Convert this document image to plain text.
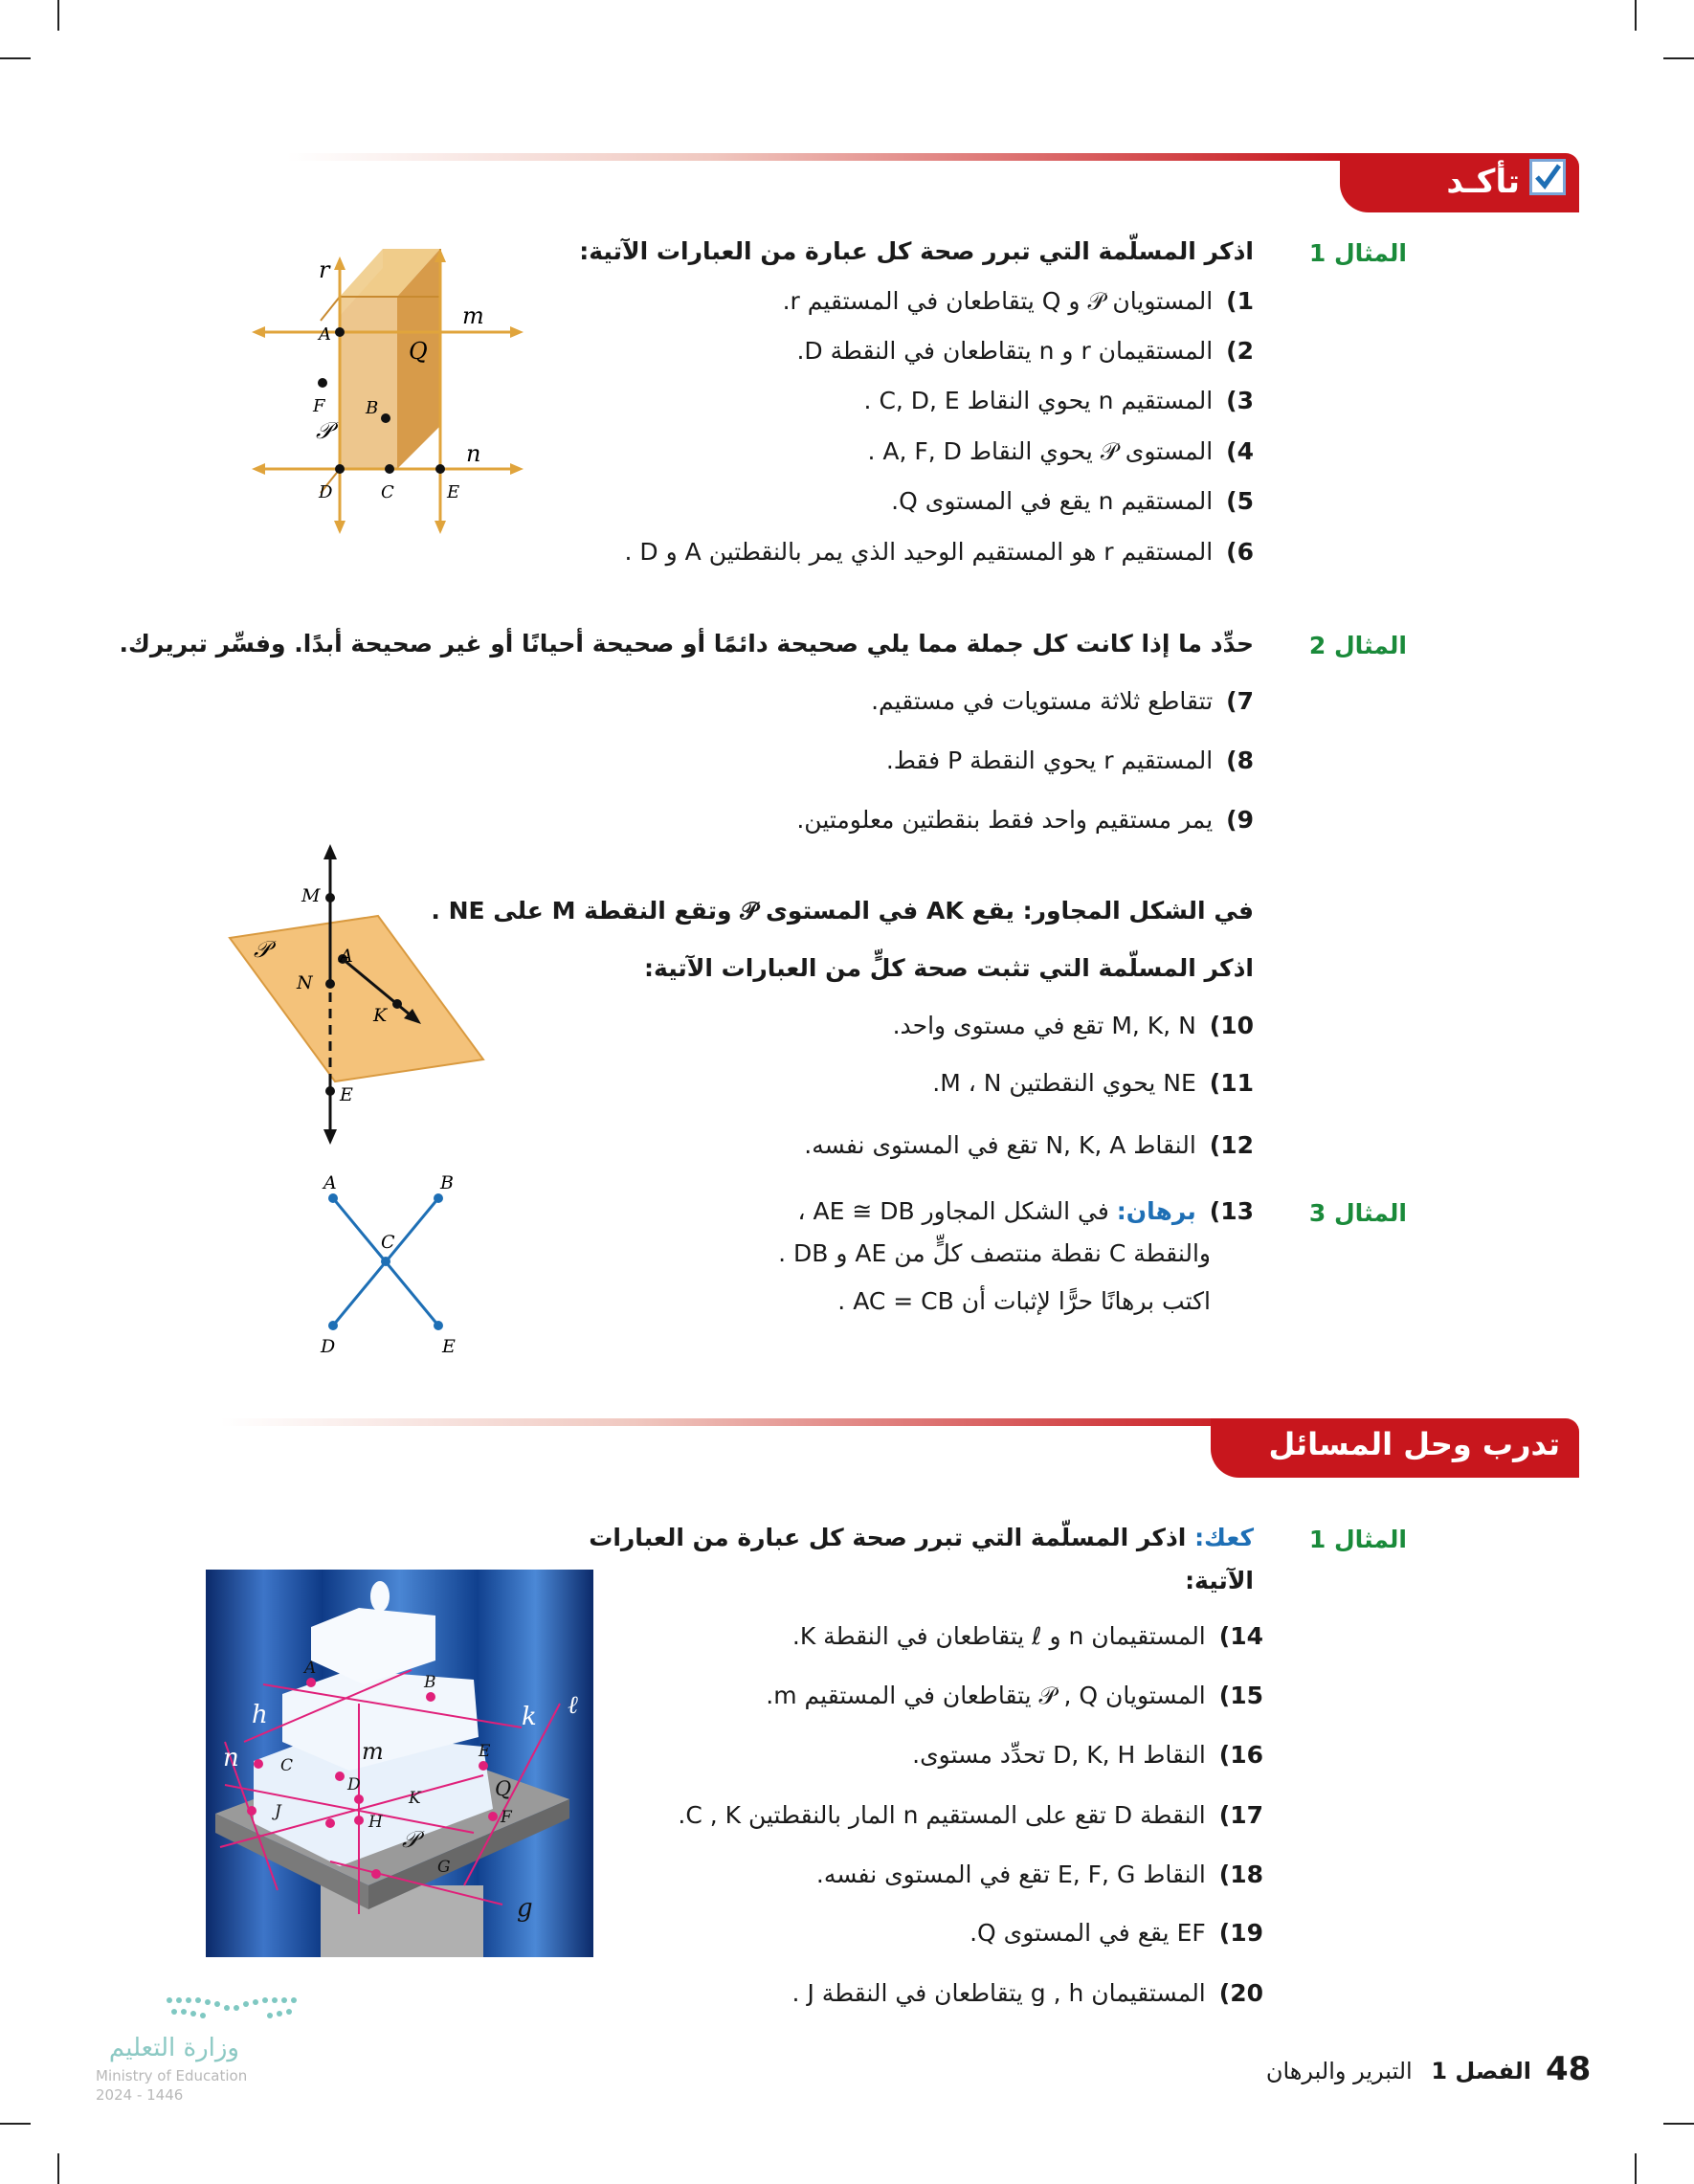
تأكـد
المثال 1
اذكر المسلّمة التي تبرر صحة كل عبارة من العبارات الآتية:
1)المستويان 𝒫 و Q يتقاطعان في المستقيم r.
2)المستقيمان r و n يتقاطعان في النقطة D.
3)المستقيم n يحوي النقاط C, D, E .
4)المستوى 𝒫 يحوي النقاط A, F, D .
5)المستقيم n يقع في المستوى Q.
6)المستقيم r هو المستقيم الوحيد الذي يمر بالنقطتين A و D .
r
m
A
Q
F B
𝒫
n
D	C	E
المثال 2
حدِّد ما إذا كانت كل جملة مما يلي صحيحة دائمًا أو صحيحة أحيانًا أو غير صحيحة أبدًا. وفسِّر تبريرك.
7)تتقاطع ثلاثة مستويات في مستقيم.
8)المستقيم r يحوي النقطة P فقط.
9)يمر مستقيم واحد فقط بنقطتين معلومتين.
في الشكل المجاور: يقع AK في المستوى 𝒫 وتقع النقطة M على NE .
اذكر المسلّمة التي تثبت صحة كلٍّ من العبارات الآتية:
10)M, K, N تقع في مستوى واحد.
11)NE يحوي النقطتين M ، N.
12)النقاط N, K, A تقع في المستوى نفسه.
M
𝒫	A
N
K
E
المثال 3
13)برهان: في الشكل المجاور AE ≅ DB ،
والنقطة C نقطة منتصف كلٍّ من AE و DB .
اكتب برهانًا حرًّا لإثبات أن AC = CB .
A	B
C
D	E
تدرب وحل المسائل
المثال 1
كعك: اذكر المسلّمة التي تبرر صحة كل عبارة من العبارات
الآتية:
14)المستقيمان n و ℓ يتقاطعان في النقطة K.
15)المستويان 𝒫 , Q يتقاطعان في المستقيم m.
16)النقاط D, K, H تحدِّد مستوى.
17)النقطة D تقع على المستقيم n المار بالنقطتين C , K.
18)النقاط E, F, G تقع في المستوى نفسه.
19)EF يقع في المستوى Q.
20)المستقيمان g , h يتقاطعان في النقطة J .
A
B
h	k ℓ
n	C
m	E
D	Q
J
K
H	F
𝒫
G
g
48
الفصل 1 التبرير والبرهان
وزارة التعليم
Ministry of Education
2024 - 1446
